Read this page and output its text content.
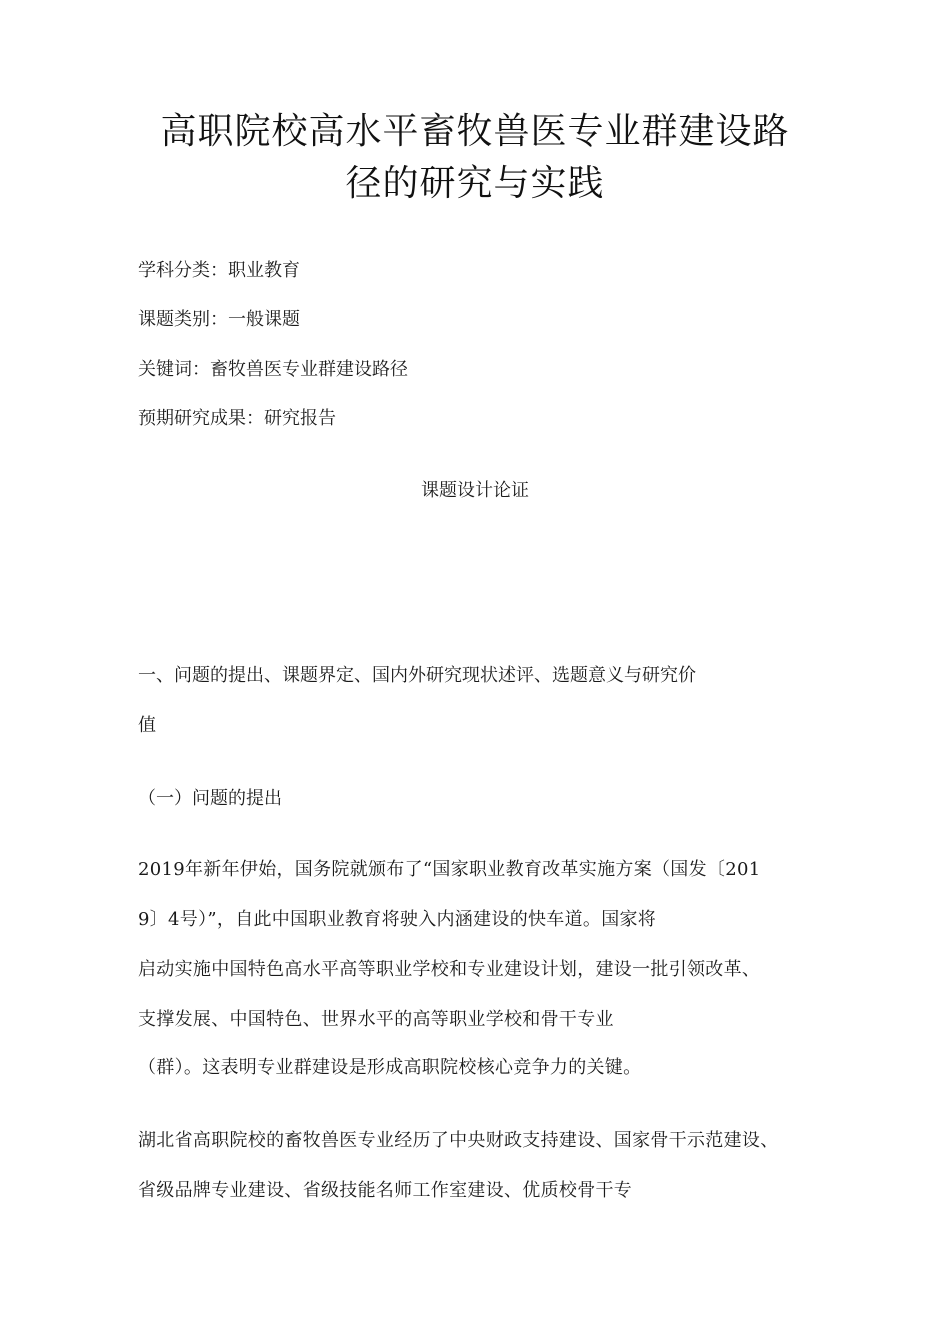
高职院校高水平畜牧兽医专业群建设路
径的研究与实践
学科分类：职业教育
课题类别：一般课题
关键词：畜牧兽医专业群建设路径
预期研究成果：研究报告
课题设计论证
一、问题的提出、课题界定、国内外研究现状述评、选题意义与研究价
值
（一）问题的提出
2019年新年伊始，国务院就颁布了“国家职业教育改革实施方案（国发〔201
9〕4号）”，自此中国职业教育将驶入内涵建设的快车道。国家将
启动实施中国特色高水平高等职业学校和专业建设计划，建设一批引领改革、
支撑发展、中国特色、世界水平的高等职业学校和骨干专业
（群）。这表明专业群建设是形成高职院校核心竞争力的关键。
湖北省高职院校的畜牧兽医专业经历了中央财政支持建设、国家骨干示范建设、
省级品牌专业建设、省级技能名师工作室建设、优质校骨干专
